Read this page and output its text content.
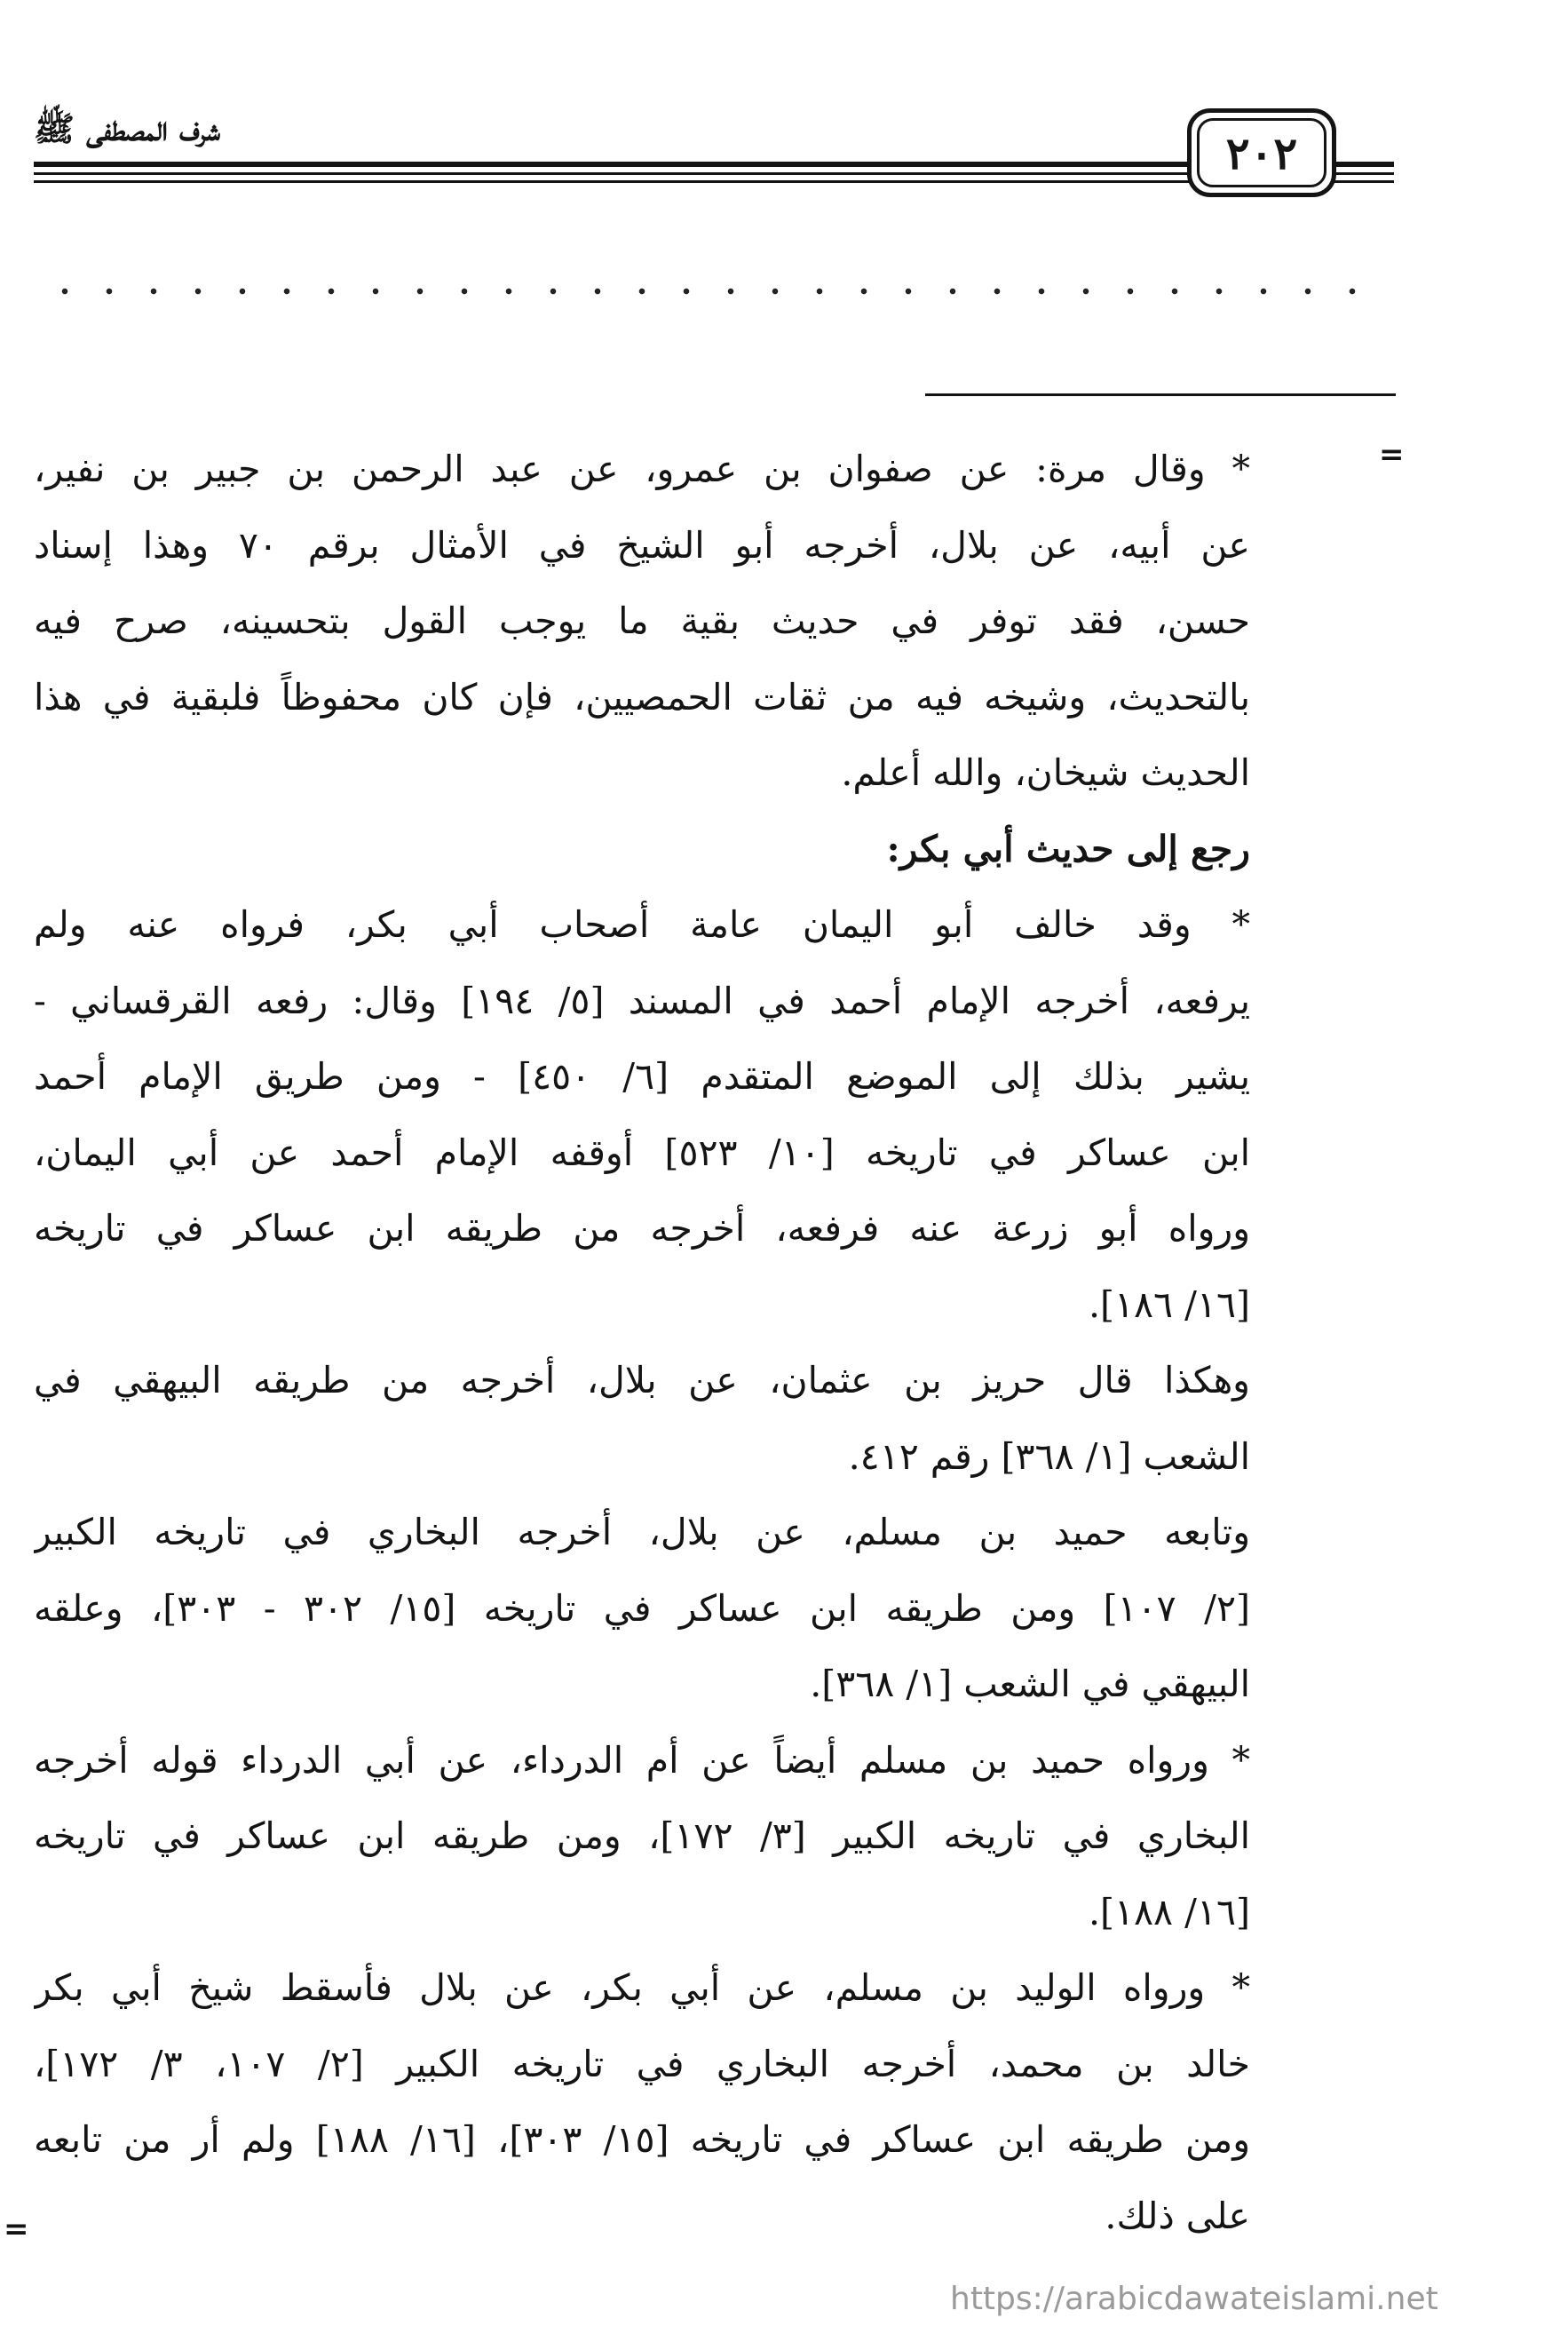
شرف المصطفى ﷺ	٢٠٢
=
=
* وقال مرة: عن صفوان بن عمرو، عن عبد الرحمن بن جبير بن نفير،
عن أبيه، عن بلال، أخرجه أبو الشيخ في الأمثال برقم ٧٠ وهذا إسناد
حسن، فقد توفر في حديث بقية ما يوجب القول بتحسينه، صرح فيه
بالتحديث، وشيخه فيه من ثقات الحمصيين، فإن كان محفوظاً فلبقية في هذا
الحديث شيخان، والله أعلم.
رجع إلى حديث أبي بكر:
* وقد خالف أبو اليمان عامة أصحاب أبي بكر، فرواه عنه ولم
يرفعه، أخرجه الإمام أحمد في المسند [٥/ ١٩٤] وقال: رفعه القرقساني -
يشير بذلك إلى الموضع المتقدم [٦/ ٤٥٠] - ومن طريق الإمام أحمد
ابن عساكر في تاريخه [١٠/ ٥٢٣] أوقفه الإمام أحمد عن أبي اليمان،
ورواه أبو زرعة عنه فرفعه، أخرجه من طريقه ابن عساكر في تاريخه
[١٦/ ١٨٦].
وهكذا قال حريز بن عثمان، عن بلال، أخرجه من طريقه البيهقي في
الشعب [١/ ٣٦٨] رقم ٤١٢.
وتابعه حميد بن مسلم، عن بلال، أخرجه البخاري في تاريخه الكبير
[٢/ ١٠٧] ومن طريقه ابن عساكر في تاريخه [١٥/ ٣٠٢ - ٣٠٣]، وعلقه
البيهقي في الشعب [١/ ٣٦٨].
* ورواه حميد بن مسلم أيضاً عن أم الدرداء، عن أبي الدرداء قوله أخرجه
البخاري في تاريخه الكبير [٣/ ١٧٢]، ومن طريقه ابن عساكر في تاريخه
[١٦/ ١٨٨].
* ورواه الوليد بن مسلم، عن أبي بكر، عن بلال فأسقط شيخ أبي بكر
خالد بن محمد، أخرجه البخاري في تاريخه الكبير [٢/ ١٠٧، ٣/ ١٧٢]،
ومن طريقه ابن عساكر في تاريخه [١٥/ ٣٠٣]، [١٦/ ١٨٨] ولم أر من تابعه
على ذلك.
https://arabicdawateislami.net
